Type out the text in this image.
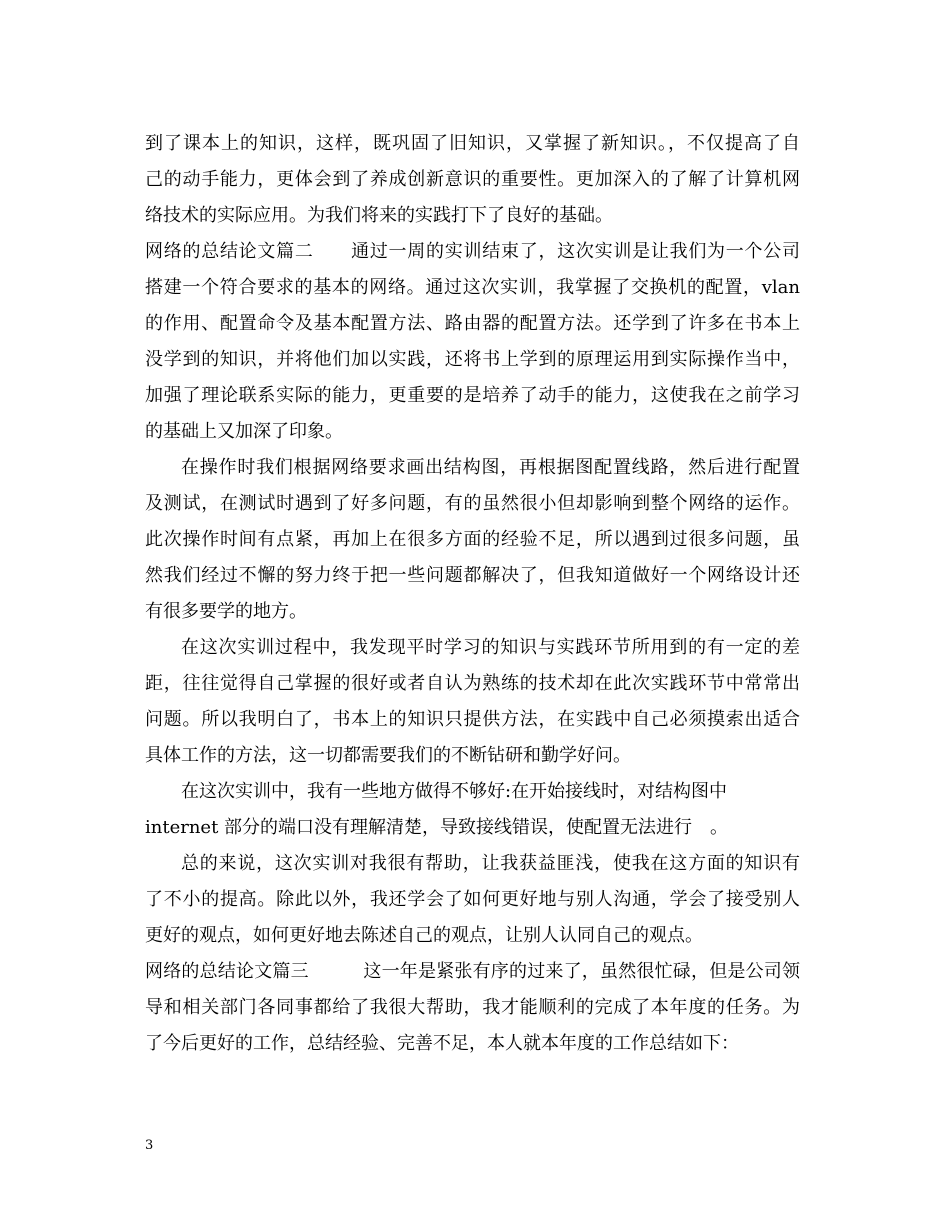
到了课本上的知识，这样，既巩固了旧知识，又掌握了新知识。，不仅提高了自
己的动手能力，更体会到了养成创新意识的重要性。更加深入的了解了计算机网
络技术的实际应用。为我们将来的实践打下了良好的基础。
网络的总结论文篇二　　通过一周的实训结束了，这次实训是让我们为一个公司
搭建一个符合要求的基本的网络。通过这次实训，我掌握了交换机的配置，vlan
的作用、配置命令及基本配置方法、路由器的配置方法。还学到了许多在书本上
没学到的知识，并将他们加以实践，还将书上学到的原理运用到实际操作当中，
加强了理论联系实际的能力，更重要的是培养了动手的能力，这使我在之前学习
的基础上又加深了印象。
在操作时我们根据网络要求画出结构图，再根据图配置线路，然后进行配置
及测试，在测试时遇到了好多问题，有的虽然很小但却影响到整个网络的运作。
此次操作时间有点紧，再加上在很多方面的经验不足，所以遇到过很多问题，虽
然我们经过不懈的努力终于把一些问题都解决了，但我知道做好一个网络设计还
有很多要学的地方。
在这次实训过程中，我发现平时学习的知识与实践环节所用到的有一定的差
距，往往觉得自己掌握的很好或者自认为熟练的技术却在此次实践环节中常常出
问题。所以我明白了，书本上的知识只提供方法，在实践中自己必须摸索出适合
具体工作的方法，这一切都需要我们的不断钻研和勤学好问。
在这次实训中，我有一些地方做得不够好:在开始接线时，对结构图中
internet 部分的端口没有理解清楚，导致接线错误，使配置无法进行　。
总的来说，这次实训对我很有帮助，让我获益匪浅，使我在这方面的知识有
了不小的提高。除此以外，我还学会了如何更好地与别人沟通，学会了接受别人
更好的观点，如何更好地去陈述自己的观点，让别人认同自己的观点。
网络的总结论文篇三　　　这一年是紧张有序的过来了，虽然很忙碌，但是公司领
导和相关部门各同事都给了我很大帮助，我才能顺利的完成了本年度的任务。为
了今后更好的工作，总结经验、完善不足，本人就本年度的工作总结如下：
3
